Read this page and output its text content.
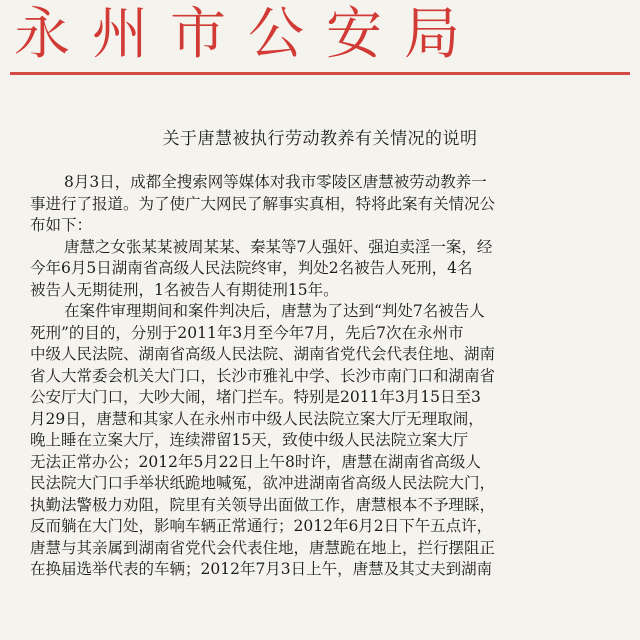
永州市公安局
关于唐慧被执行劳动教养有关情况的说明
8月3日，成都全搜索网等媒体对我市零陵区唐慧被劳动教养一
事进行了报道。为了使广大网民了解事实真相，特将此案有关情况公
布如下：
唐慧之女张某某被周某某、秦某等7人强奸、强迫卖淫一案，经
今年6月5日湖南省高级人民法院终审，判处2名被告人死刑，4名
被告人无期徒刑，1名被告人有期徒刑15年。
在案件审理期间和案件判决后，唐慧为了达到“判处7名被告人
死刑”的目的，分别于2011年3月至今年7月，先后7次在永州市
中级人民法院、湖南省高级人民法院、湖南省党代会代表住地、湖南
省人大常委会机关大门口，长沙市雅礼中学、长沙市南门口和湖南省
公安厅大门口，大吵大闹，堵门拦车。特别是2011年3月15日至3
月29日，唐慧和其家人在永州市中级人民法院立案大厅无理取闹，
晚上睡在立案大厅，连续滞留15天，致使中级人民法院立案大厅
无法正常办公；2012年5月22日上午8时许，唐慧在湖南省高级人
民法院大门口手举状纸跪地喊冤，欲冲进湖南省高级人民法院大门，
执勤法警极力劝阻，院里有关领导出面做工作，唐慧根本不予理睬，
反而躺在大门处，影响车辆正常通行；2012年6月2日下午五点许，
唐慧与其亲属到湖南省党代会代表住地，唐慧跪在地上，拦行摆阻正
在换届选举代表的车辆；2012年7月3日上午，唐慧及其丈夫到湖南
